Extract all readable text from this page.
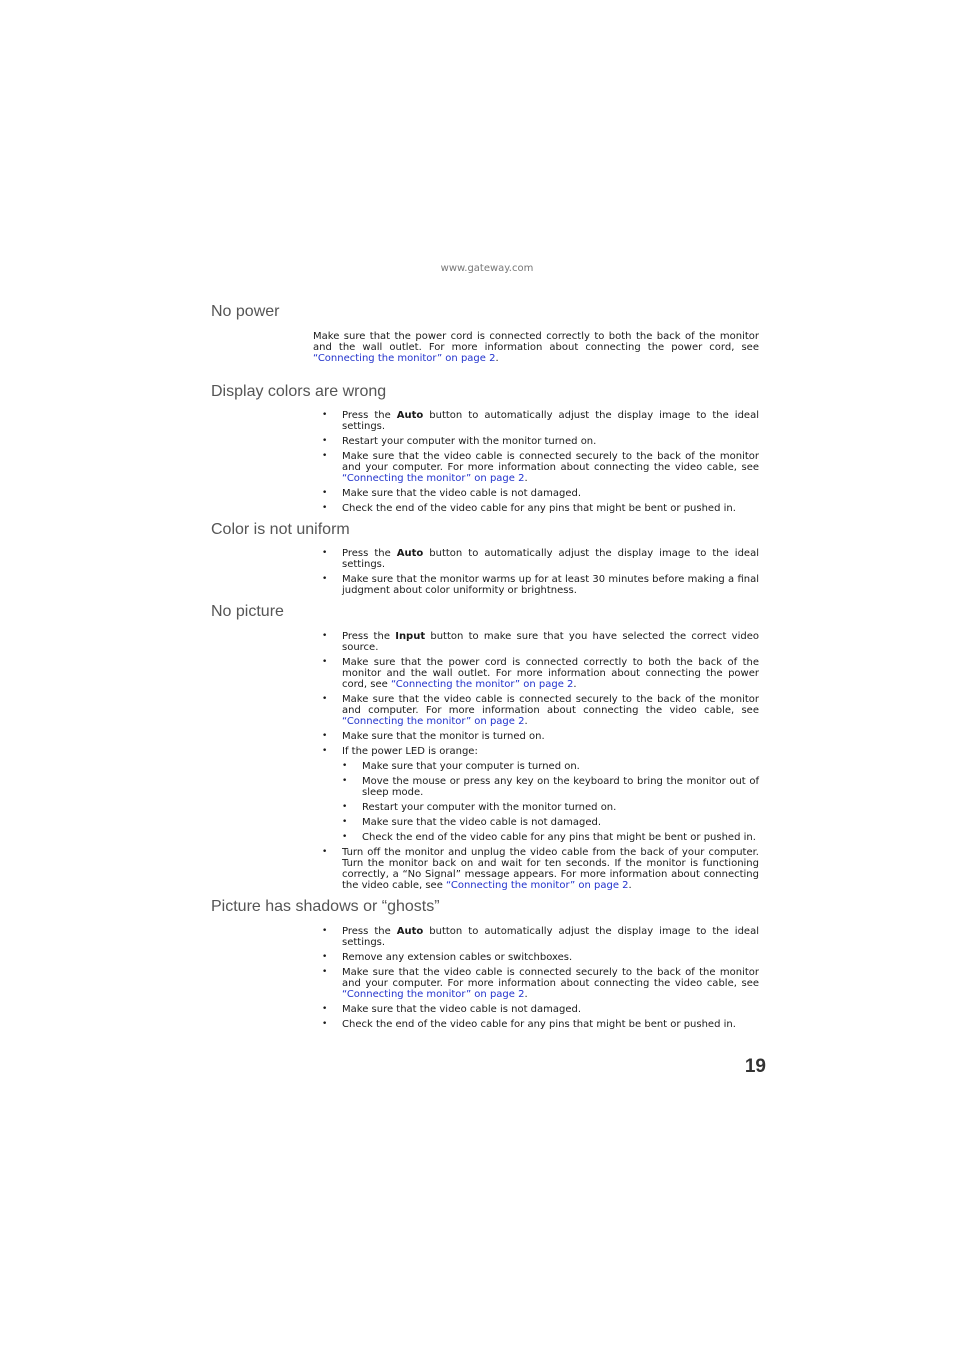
www.gateway.com
No power

Make sure that the power cord is connected correctly to both the back of the monitor and the wall outlet. For more information about connecting the power cord, see “Connecting the monitor” on page 2.

Display colors are wrong
• Press the Auto button to automatically adjust the display image to the ideal settings.
• Restart your computer with the monitor turned on.
• Make sure that the video cable is connected securely to the back of the monitor and your computer. For more information about connecting the video cable, see “Connecting the monitor” on page 2.
• Make sure that the video cable is not damaged.
• Check the end of the video cable for any pins that might be bent or pushed in.
Color is not uniform
• Press the Auto button to automatically adjust the display image to the ideal settings.
• Make sure that the monitor warms up for at least 30 minutes before making a final judgment about color uniformity or brightness.
No picture
• Press the Input button to make sure that you have selected the correct video source.
• Make sure that the power cord is connected correctly to both the back of the monitor and the wall outlet. For more information about connecting the power cord, see “Connecting the monitor” on page 2.
• Make sure that the video cable is connected securely to the back of the monitor and computer. For more information about connecting the video cable, see “Connecting the monitor” on page 2.
• Make sure that the monitor is turned on.
• If the power LED is orange:
• Make sure that your computer is turned on.
• Move the mouse or press any key on the keyboard to bring the monitor out of sleep mode.
• Restart your computer with the monitor turned on.
• Make sure that the video cable is not damaged.
• Check the end of the video cable for any pins that might be bent or pushed in.
• Turn off the monitor and unplug the video cable from the back of your computer. Turn the monitor back on and wait for ten seconds. If the monitor is functioning correctly, a “No Signal” message appears. For more information about connecting the video cable, see “Connecting the monitor” on page 2.
Picture has shadows or “ghosts”
• Press the Auto button to automatically adjust the display image to the ideal settings.
• Remove any extension cables or switchboxes.
• Make sure that the video cable is connected securely to the back of the monitor and your computer. For more information about connecting the video cable, see “Connecting the monitor” on page 2.
• Make sure that the video cable is not damaged.
• Check the end of the video cable for any pins that might be bent or pushed in.
19
